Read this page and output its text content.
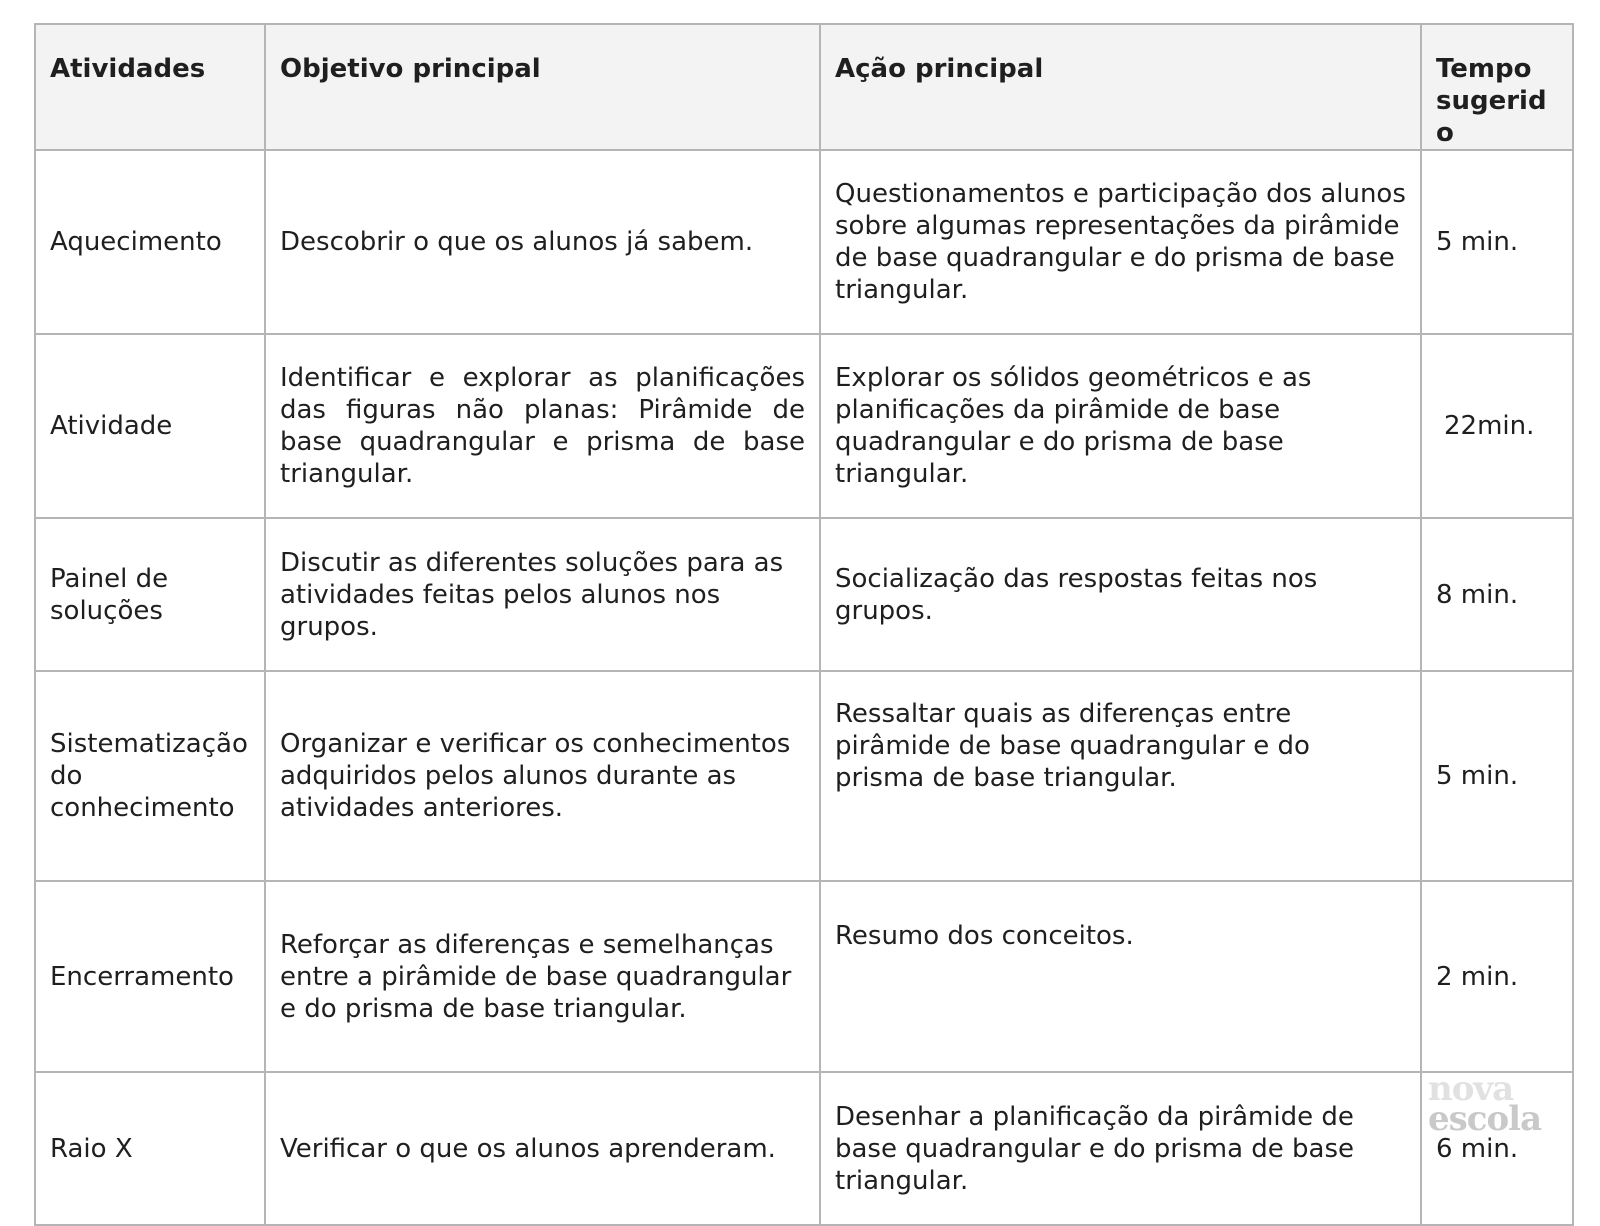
Atividades	Objetivo principal	Ação principal	Tempo sugerido
Aquecimento	Descobrir o que os alunos já sabem.	Questionamentos e participação dos alunos sobre algumas representações da pirâmide de base quadrangular e do prisma de base triangular.	5 min.
Atividade	Identificar e explorar as planificações das figuras não planas: Pirâmide de base quadrangular e prisma de base triangular.	Explorar os sólidos geométricos e as planificações da pirâmide de base quadrangular e do prisma de base triangular.	22min.
Painel de soluções	Discutir as diferentes soluções para as atividades feitas pelos alunos nos grupos.	Socialização das respostas feitas nos grupos.	8 min.
Sistematização do conhecimento	Organizar e verificar os conhecimentos adquiridos pelos alunos durante as atividades anteriores.	Ressaltar quais as diferenças entre pirâmide de base quadrangular e do prisma de base triangular.	5 min.
Encerramento	Reforçar as diferenças e semelhanças entre a pirâmide de base quadrangular e do prisma de base triangular.	Resumo dos conceitos.	2 min.
Raio X	Verificar o que os alunos aprenderam.	Desenhar a planificação da pirâmide de base quadrangular e do prisma de base triangular.	6 min.
nova
escola
